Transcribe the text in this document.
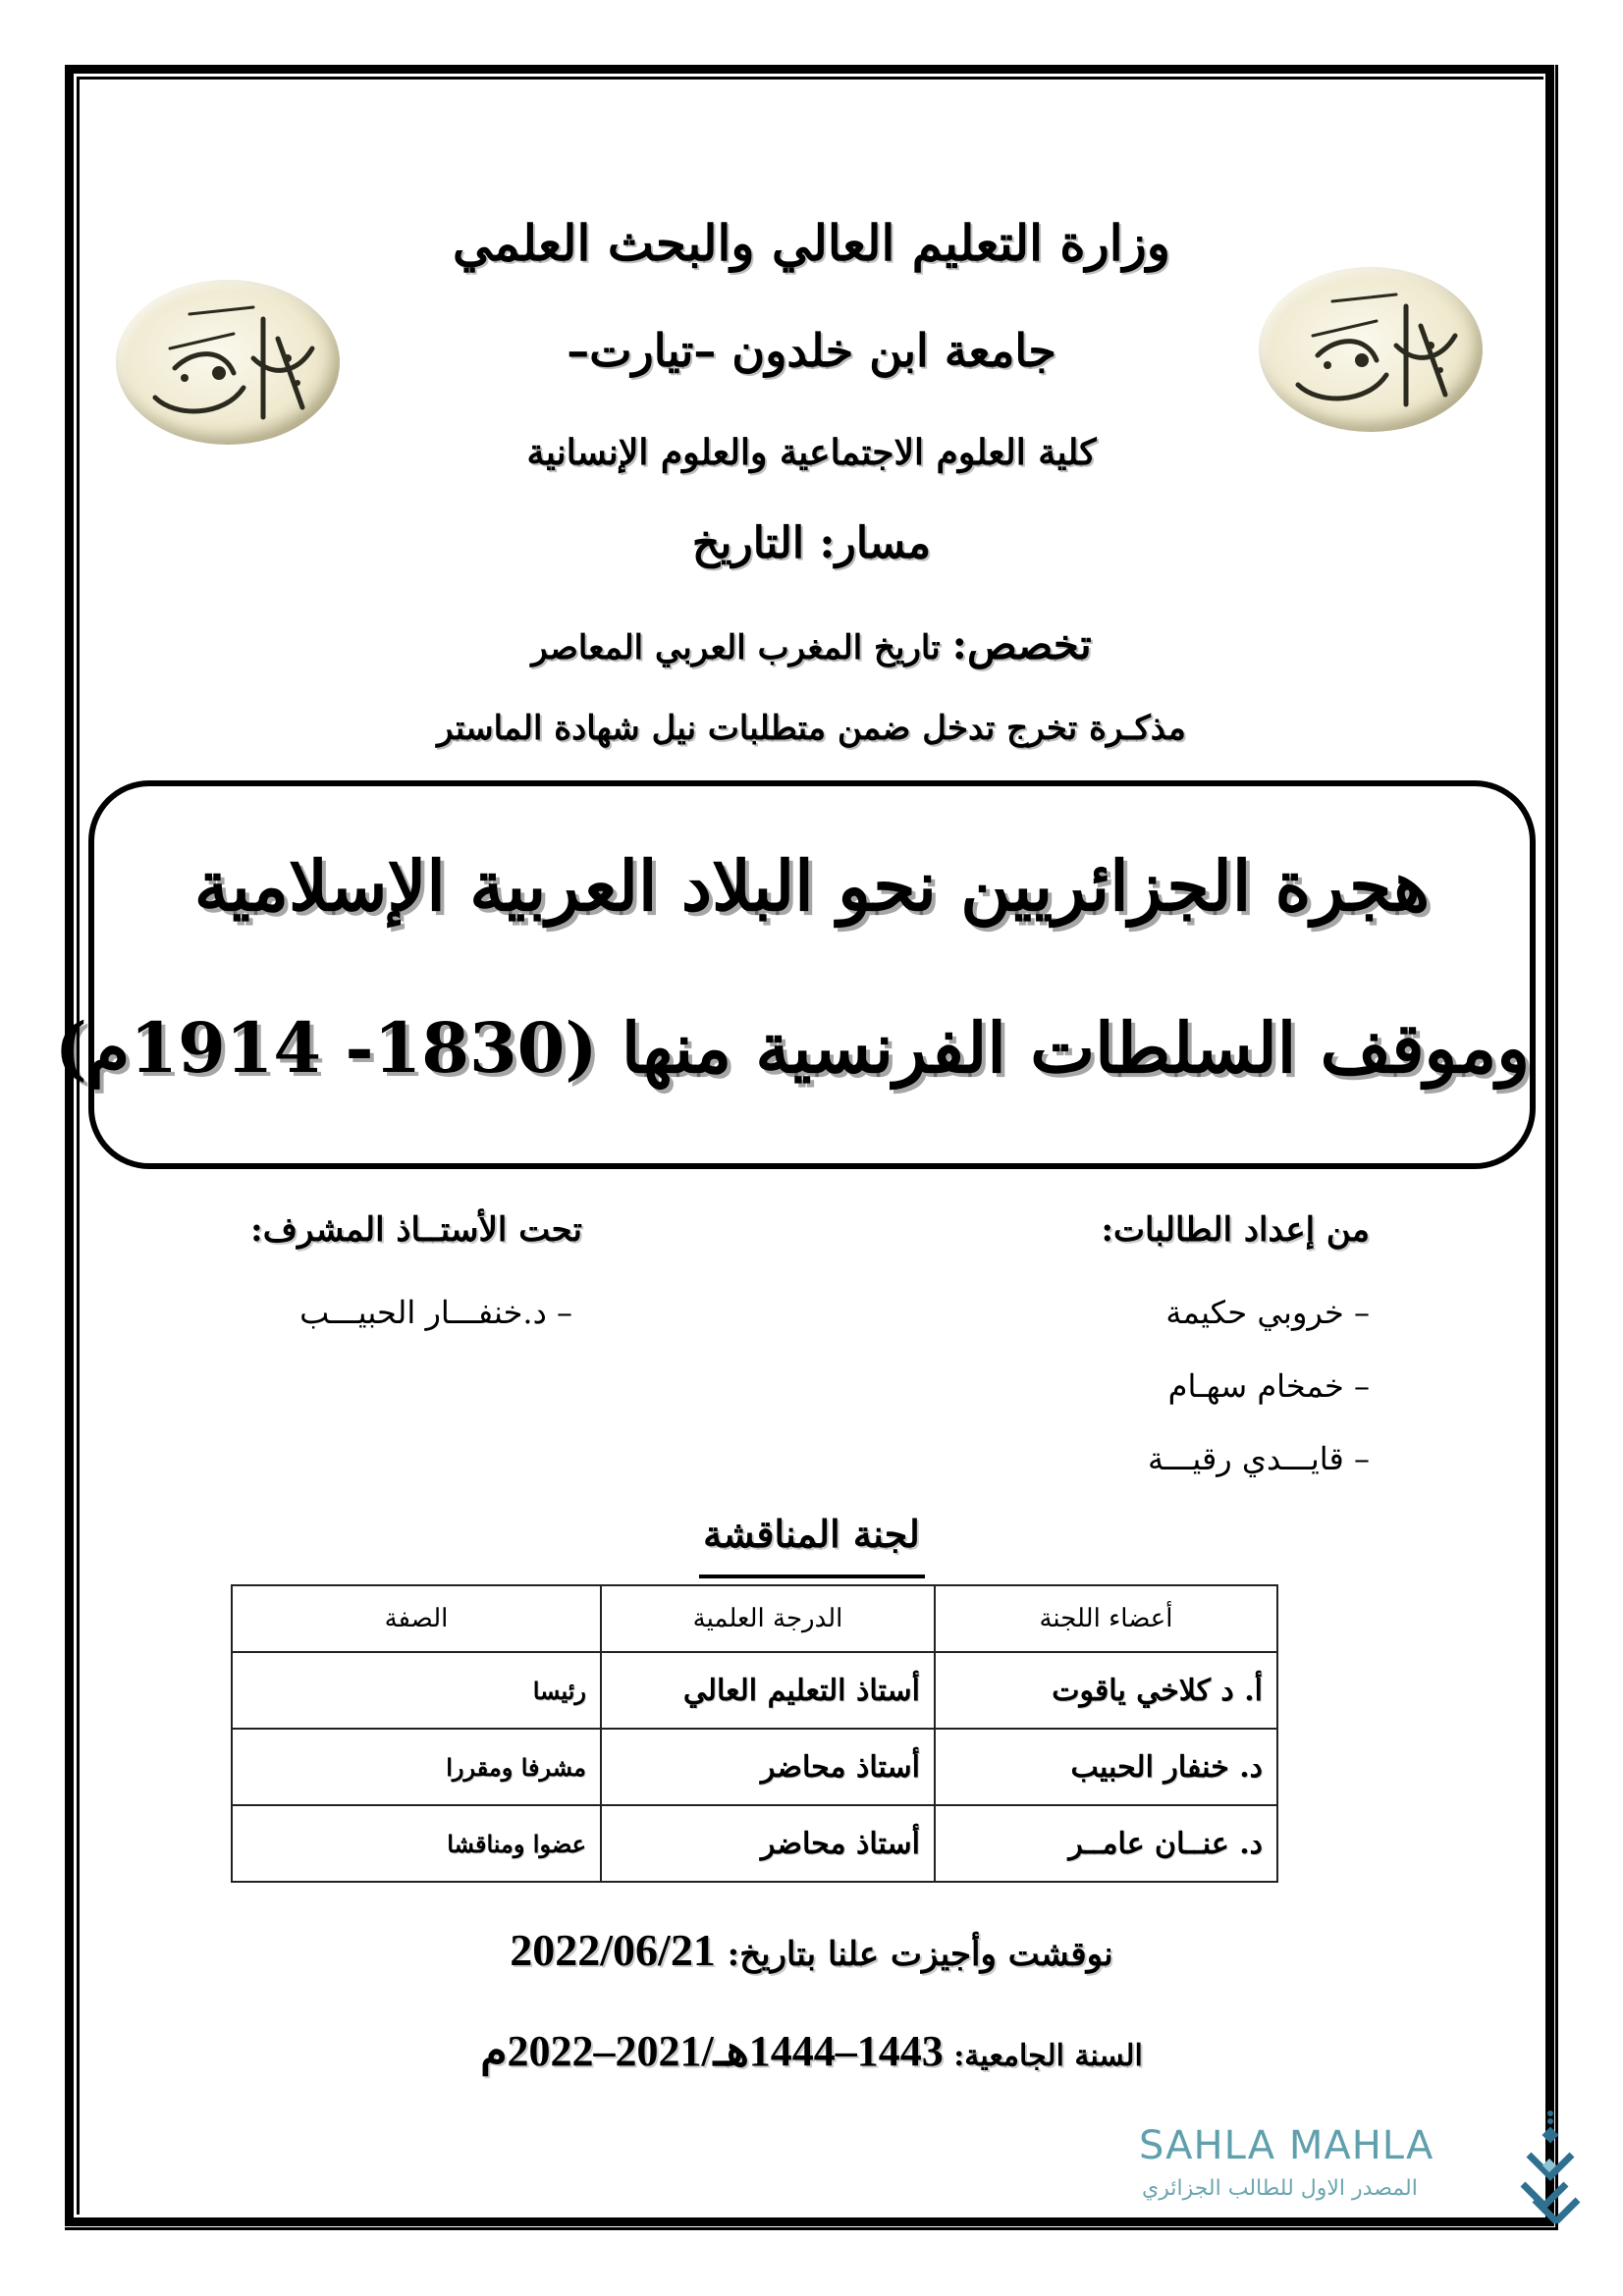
وزارة التعليم العالي والبحث العلمي
جامعة ابن خلدون –تيارت–
كلية العلوم الاجتماعية والعلوم الإنسانية
مسار: التاريخ
تخصص: تاريخ المغرب العربي المعاصر
مذكـرة تخرج تدخل ضمن متطلبات نيل شهادة الماستر
هجرة الجزائريين نحو البلاد العربية الإسلامية
وموقف السلطات الفرنسية منها (1830- 1914م)
من إعداد الطالبات:
– خروبي حكيمة
– خمخام سهـام
– قايـــدي رقيـــة
تحت الأستــاذ المشرف:
– د.خنفـــار الحبيـــب
لجنة المناقشة
أعضاء اللجنة	الدرجة العلمية	الصفة
أ. د كلاخي ياقوت	أستاذ التعليم العالي	رئيسا
د. خنفار الحبيب	أستاذ محاضر	مشرفا ومقررا
د. عنــان عامــر	أستاذ محاضر	عضوا ومناقشا
نوقشت وأجيزت علنا بتاريخ: 2022/06/21
السنة الجامعية: 1443–1444هـ/2021–2022م
SAHLA MAHLA
المصدر الاول للطالب الجزائري
